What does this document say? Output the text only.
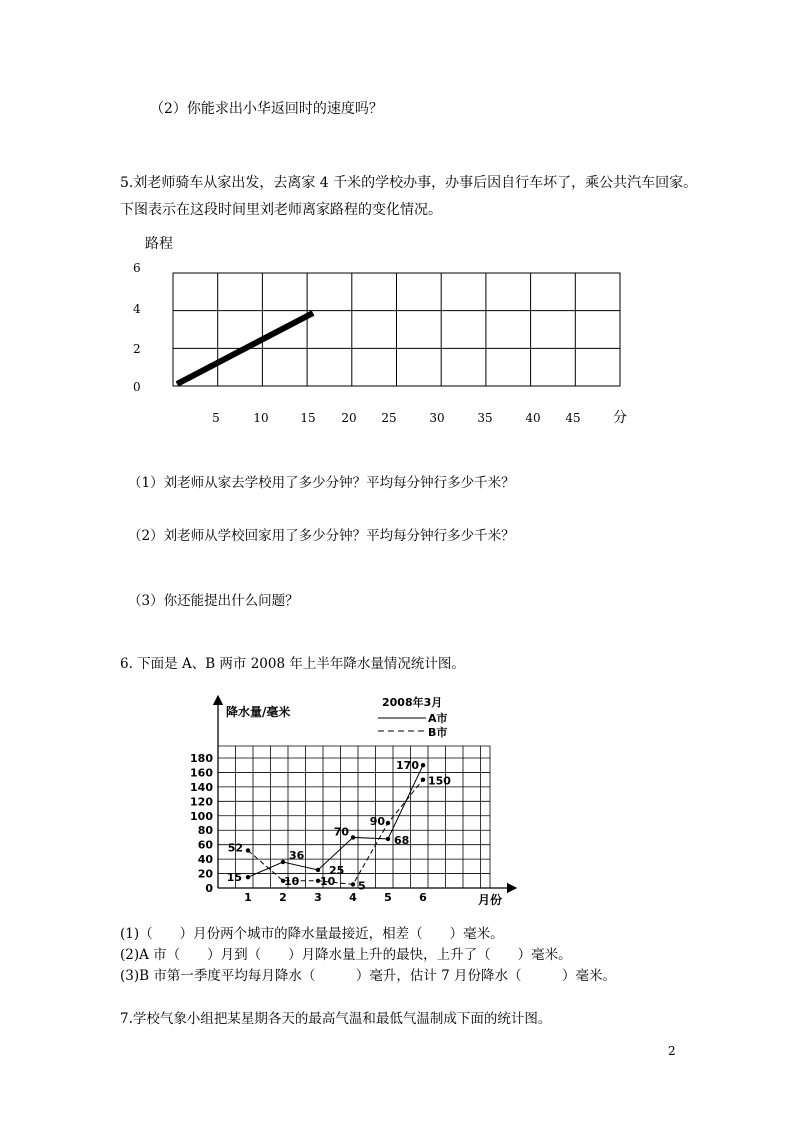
（2）你能求出小华返回时的速度吗？
5.刘老师骑车从家出发，去离家 4 千米的学校办事，办事后因自行车坏了，乘公共汽车回家。
下图表示在这段时间里刘老师离家路程的变化情况。
路程
6
4
2
0
5	10	15 20 25	30	35	40 45 分
（1）刘老师从家去学校用了多少分钟？平均每分钟行多少千米？
（2）刘老师从学校回家用了多少分钟？平均每分钟行多少千米？
（3）你还能提出什么问题？
6. 下面是 A、B 两市 2008 年上半年降水量情况统计图。
降水量/毫米
2008年3月
A市
B市
180
160
140
120
100
80
60
40
20
0
1 2 3 4 5 6	月份
15
36
25
70
68
170
52
10 10 5
90
150
(1)（　　）月份两个城市的降水量最接近，相差（　　）毫米。
(2)A 市（　　）月到（　　）月降水量上升的最快，上升了（　　）毫米。
(3)B 市第一季度平均每月降水（　　　）毫升，估计 7 月份降水（　　　）毫米。
7.学校气象小组把某星期各天的最高气温和最低气温制成下面的统计图。
2
